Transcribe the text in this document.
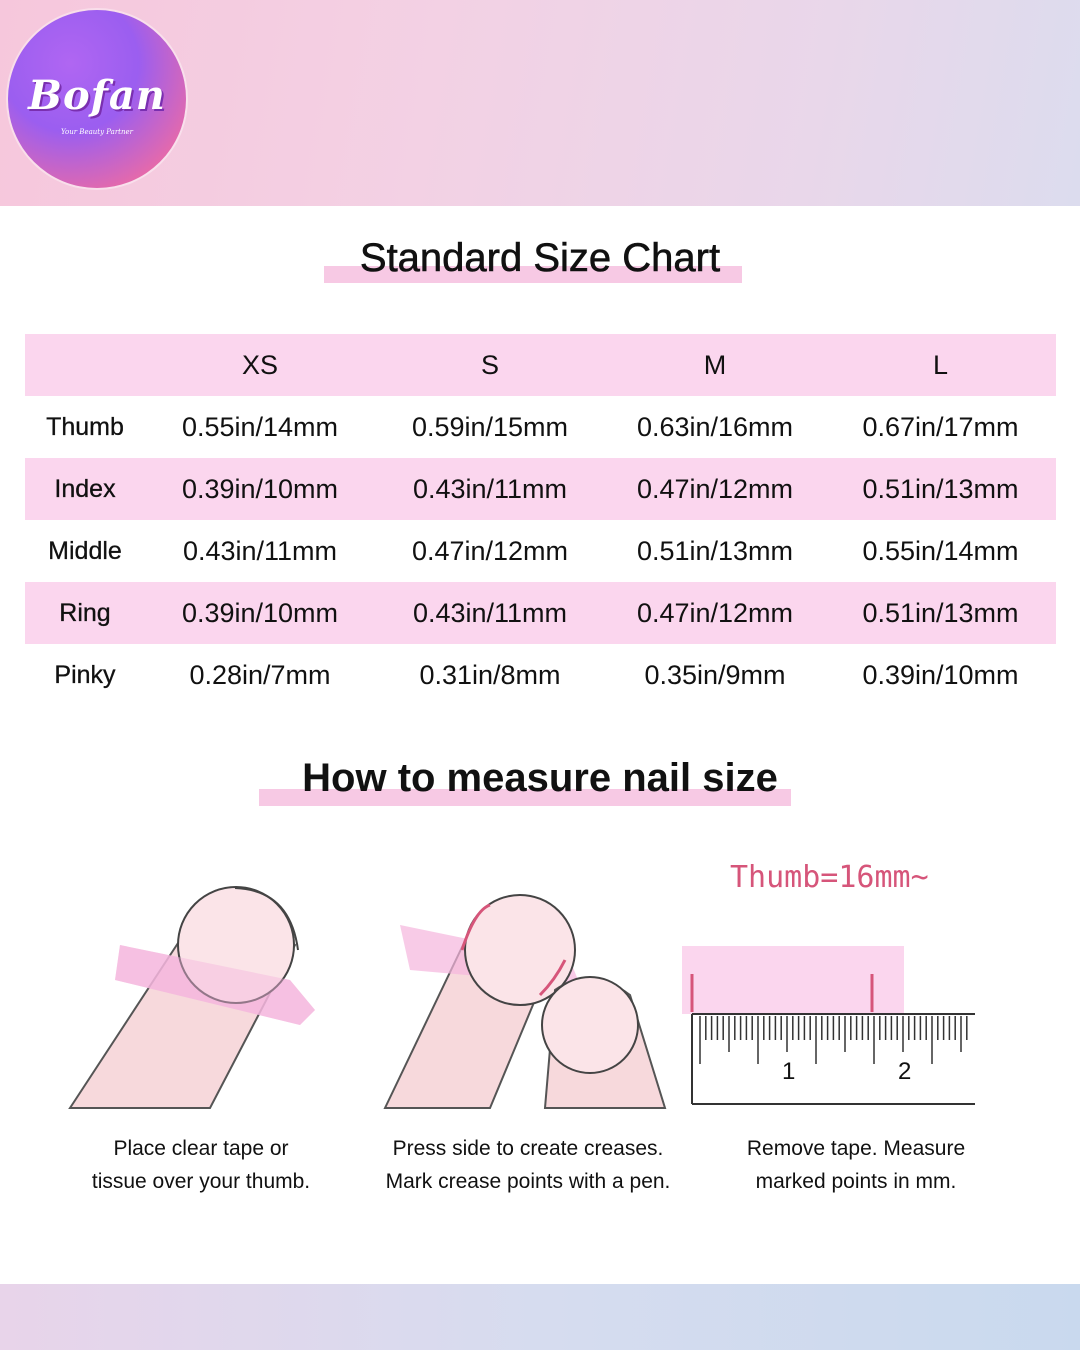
Bofan
Your Beauty Partner
Standard Size Chart
	XS	S	M	L
Thumb	0.55in/14mm	0.59in/15mm	0.63in/16mm	0.67in/17mm
Index	0.39in/10mm	0.43in/11mm	0.47in/12mm	0.51in/13mm
Middle	0.43in/11mm	0.47in/12mm	0.51in/13mm	0.55in/14mm
Ring	0.39in/10mm	0.43in/11mm	0.47in/12mm	0.51in/13mm
Pinky	0.28in/7mm	0.31in/8mm	0.35in/9mm	0.39in/10mm
How to measure nail size
Thumb=16mm~
1	2
Place clear tape or
tissue over your thumb.
Press side to create creases.
Mark crease points with a pen.
Remove tape. Measure
marked points in mm.
